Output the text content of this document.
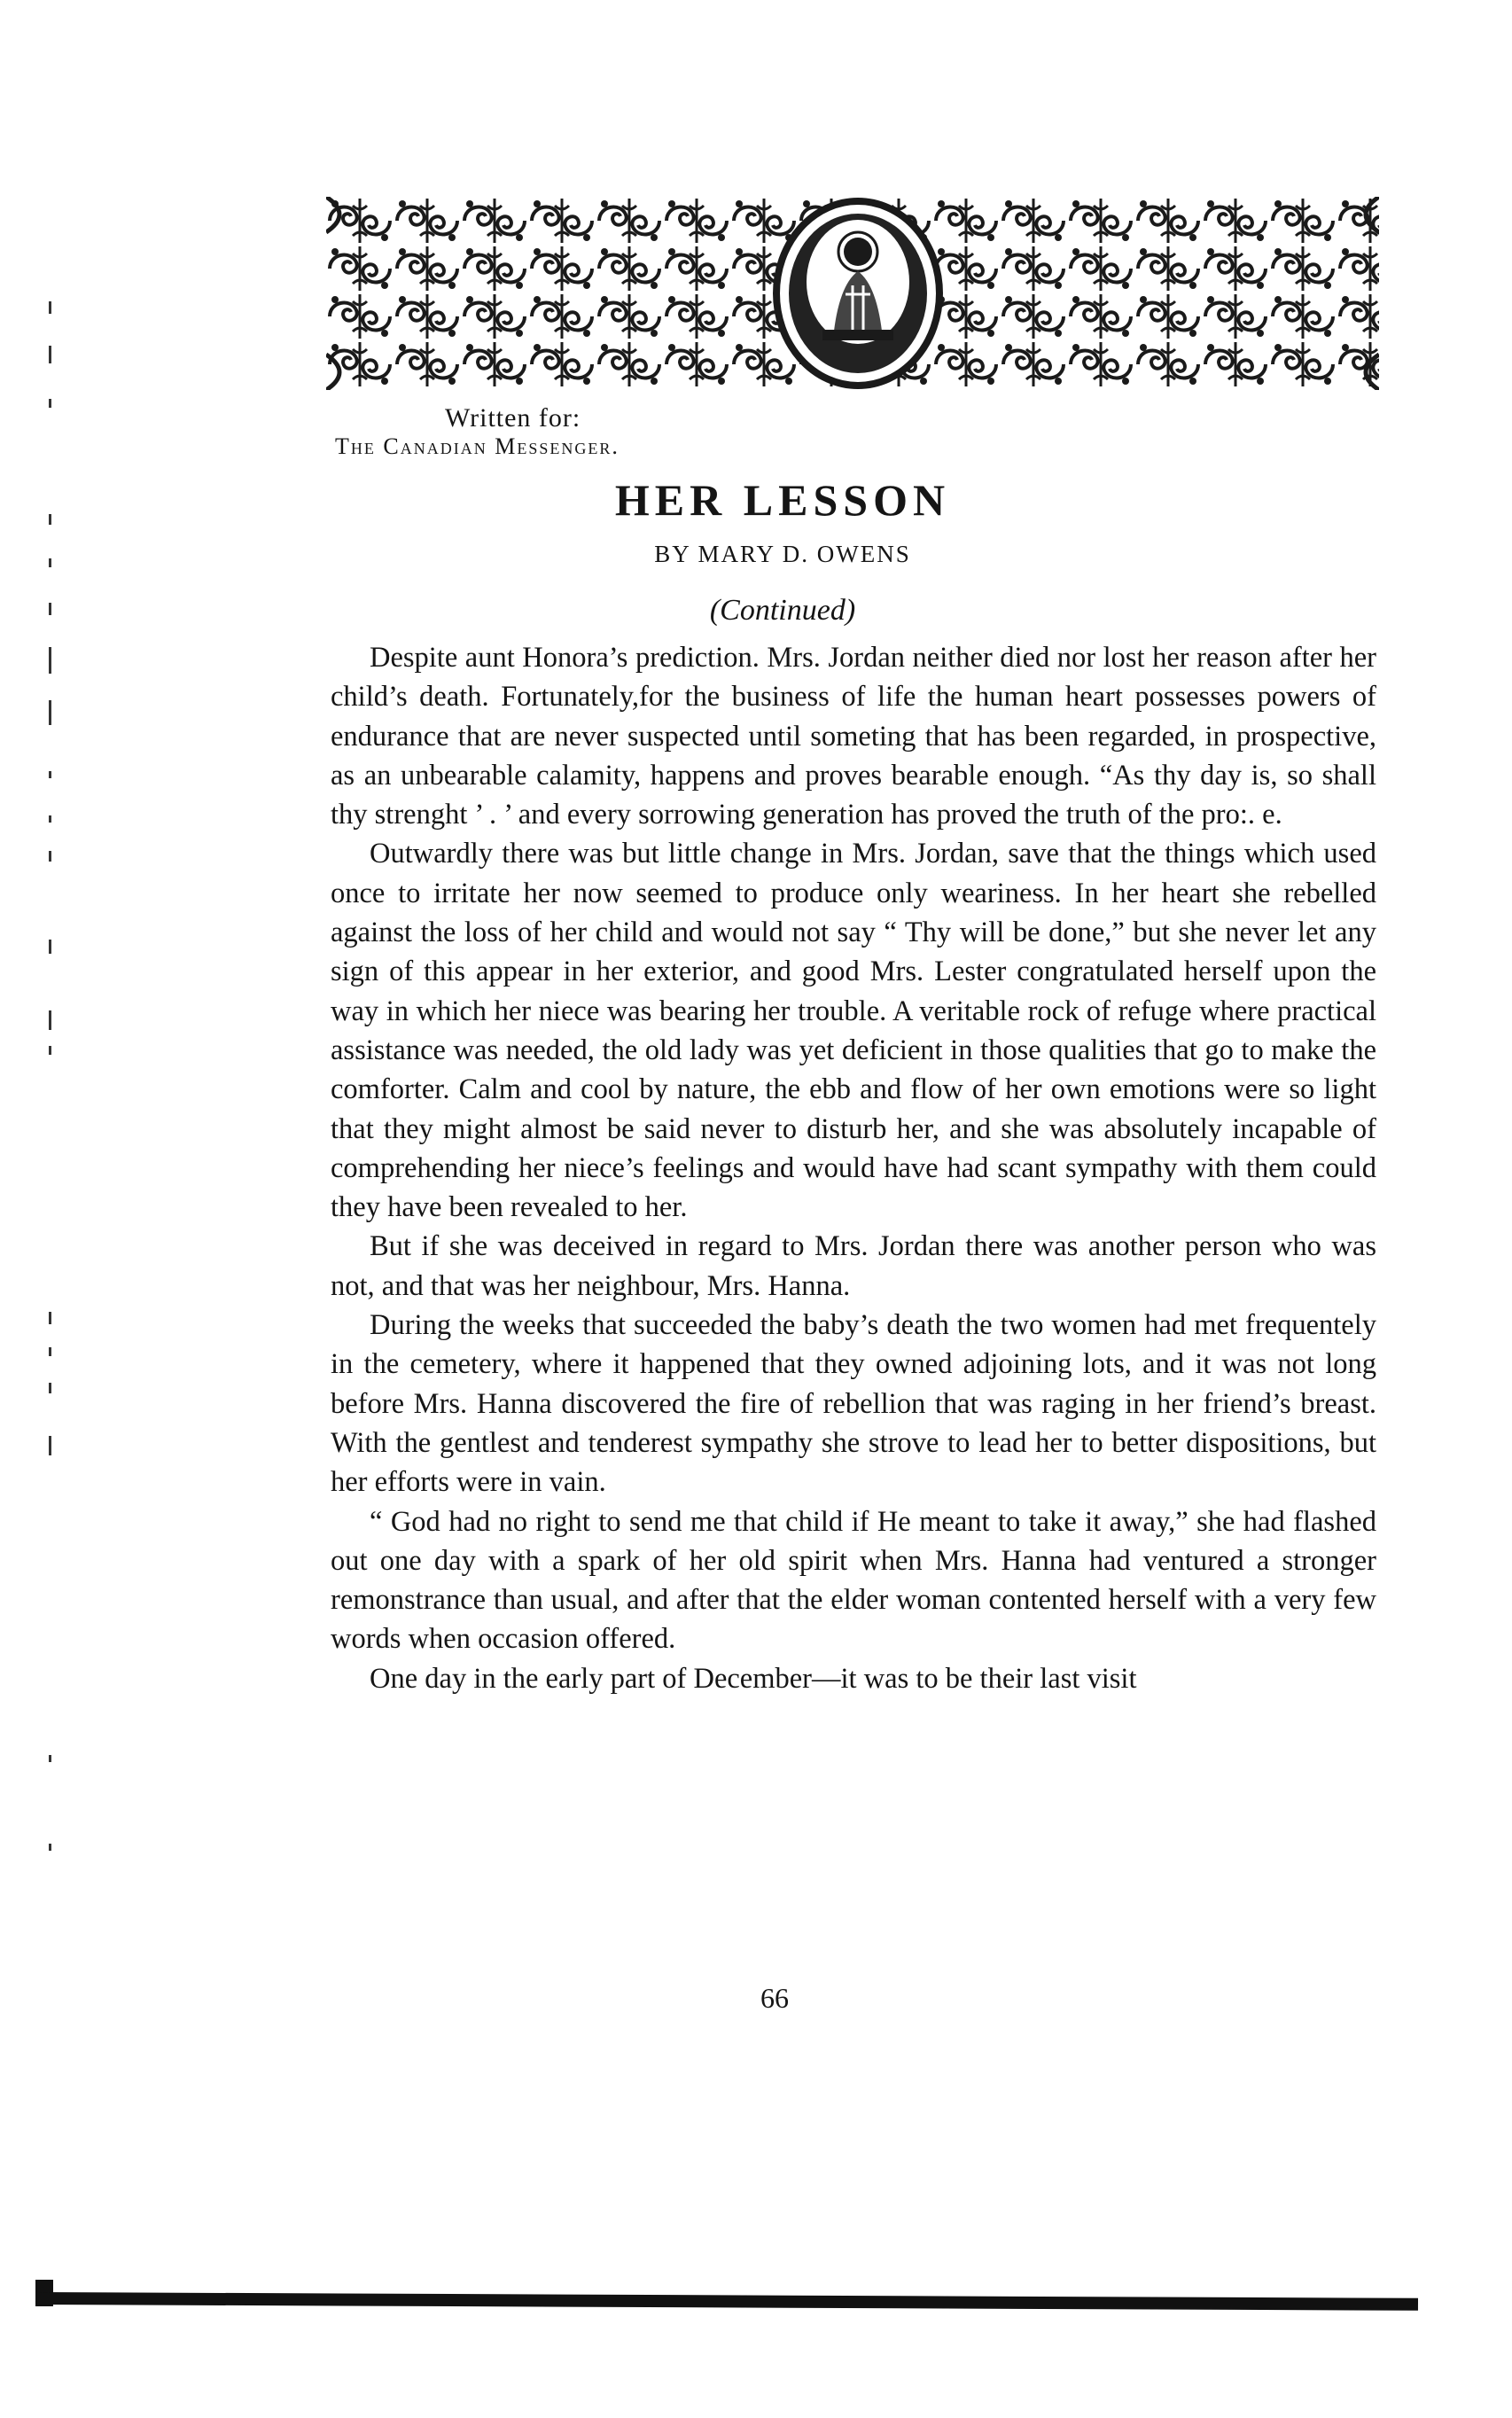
Written for:
The Canadian Messenger.
HER LESSON
BY MARY D. OWENS
(Continued)

Despite aunt Honora’s prediction. Mrs. Jordan neither died nor lost her reason after her child’s death. Fortunately,for the business of life the human heart possesses powers of endurance that are never suspected until someting that has been regarded, in prospective, as an unbearable calamity, happens and proves bearable enough. “As thy day is, so shall thy strenght ’ . ’ and every sorrowing generation has proved the truth of the pro:. e.

Outwardly there was but little change in Mrs. Jordan, save that the things which used once to irritate her now seemed to produce only weariness. In her heart she rebelled against the loss of her child and would not say “ Thy will be done,” but she never let any sign of this appear in her exterior, and good Mrs. Lester congratulated herself upon the way in which her niece was bearing her trouble. A veritable rock of refuge where practical assistance was needed, the old lady was yet deficient in those qualities that go to make the comforter. Calm and cool by nature, the ebb and flow of her own emotions were so light that they might almost be said never to disturb her, and she was absolutely incapable of comprehending her niece’s feelings and would have had scant sympathy with them could they have been revealed to her.

But if she was deceived in regard to Mrs. Jordan there was another person who was not, and that was her neighbour, Mrs. Hanna.

During the weeks that succeeded the baby’s death the two women had met frequentely in the cemetery, where it happened that they owned adjoining lots, and it was not long before Mrs. Hanna discovered the fire of rebellion that was raging in her friend’s breast. With the gentlest and tenderest sympathy she strove to lead her to better dispositions, but her efforts were in vain.

“ God had no right to send me that child if He meant to take it away,” she had flashed out one day with a spark of her old spirit when Mrs. Hanna had ventured a stronger remonstrance than usual, and after that the elder woman contented herself with a very few words when occasion offered.

One day in the early part of December—it was to be their last visit

66
